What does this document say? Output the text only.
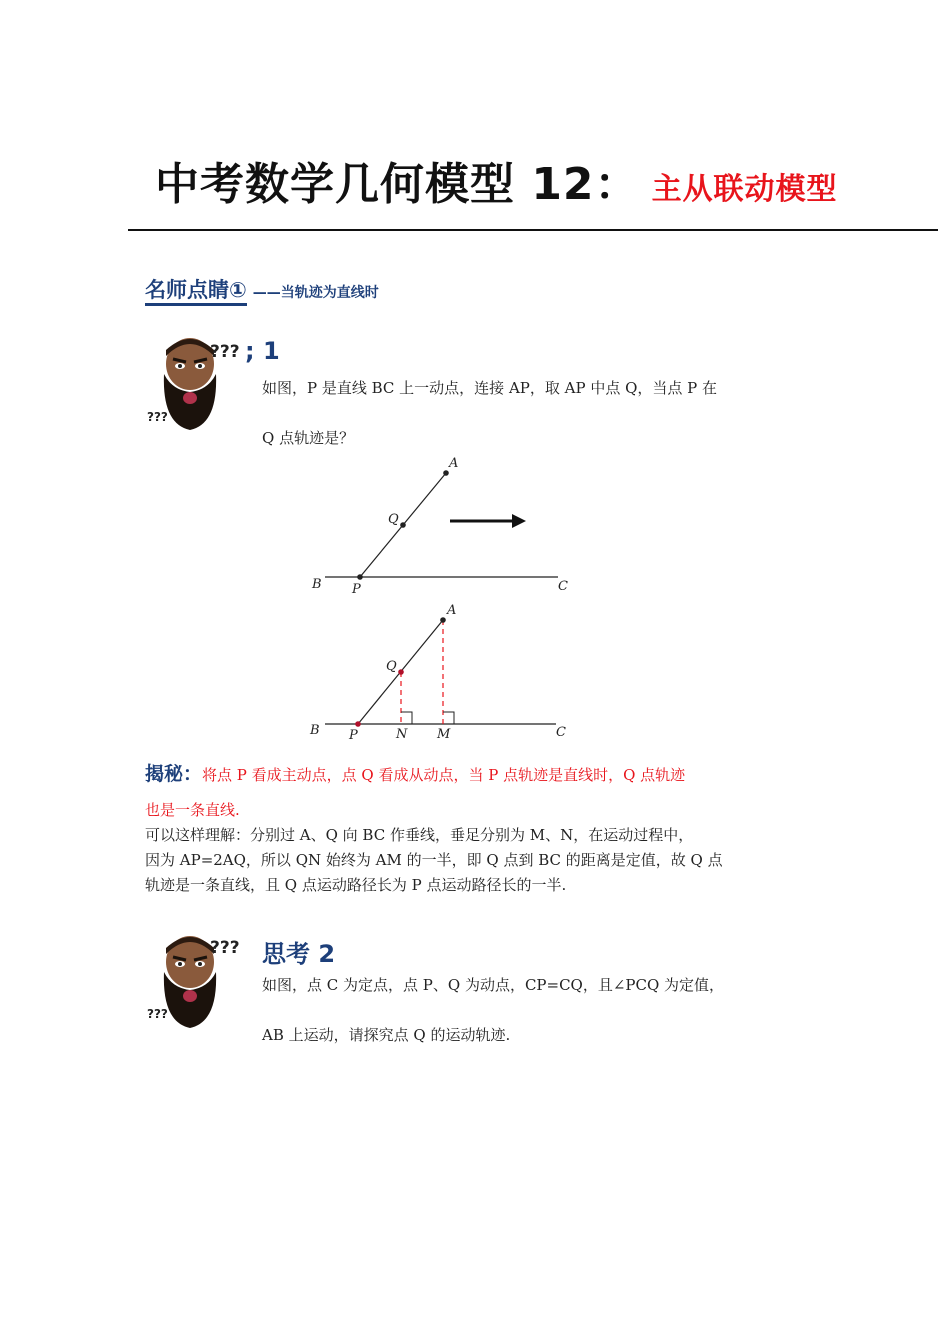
中考数学几何模型 12： 主从联动模型
名师点睛① ——当轨迹为直线时
??? ; 1
???
如图，P 是直线 BC 上一动点，连接 AP，取 AP 中点 Q，当点 P 在
Q 点轨迹是？
A
Q
B P	C
A
Q
B P	N M	C
揭秘：将点 P 看成主动点，点 Q 看成从动点，当 P 点轨迹是直线时，Q 点轨迹
也是一条直线.
可以这样理解：分别过 A、Q 向 BC 作垂线，垂足分别为 M、N，在运动过程中，
因为 AP=2AQ，所以 QN 始终为 AM 的一半，即 Q 点到 BC 的距离是定值，故 Q 点
轨迹是一条直线，且 Q 点运动路径长为 P 点运动路径长的一半.
??? 思考 2
???
如图，点 C 为定点，点 P、Q 为动点，CP=CQ，且∠PCQ 为定值，
AB 上运动，请探究点 Q 的运动轨迹.
